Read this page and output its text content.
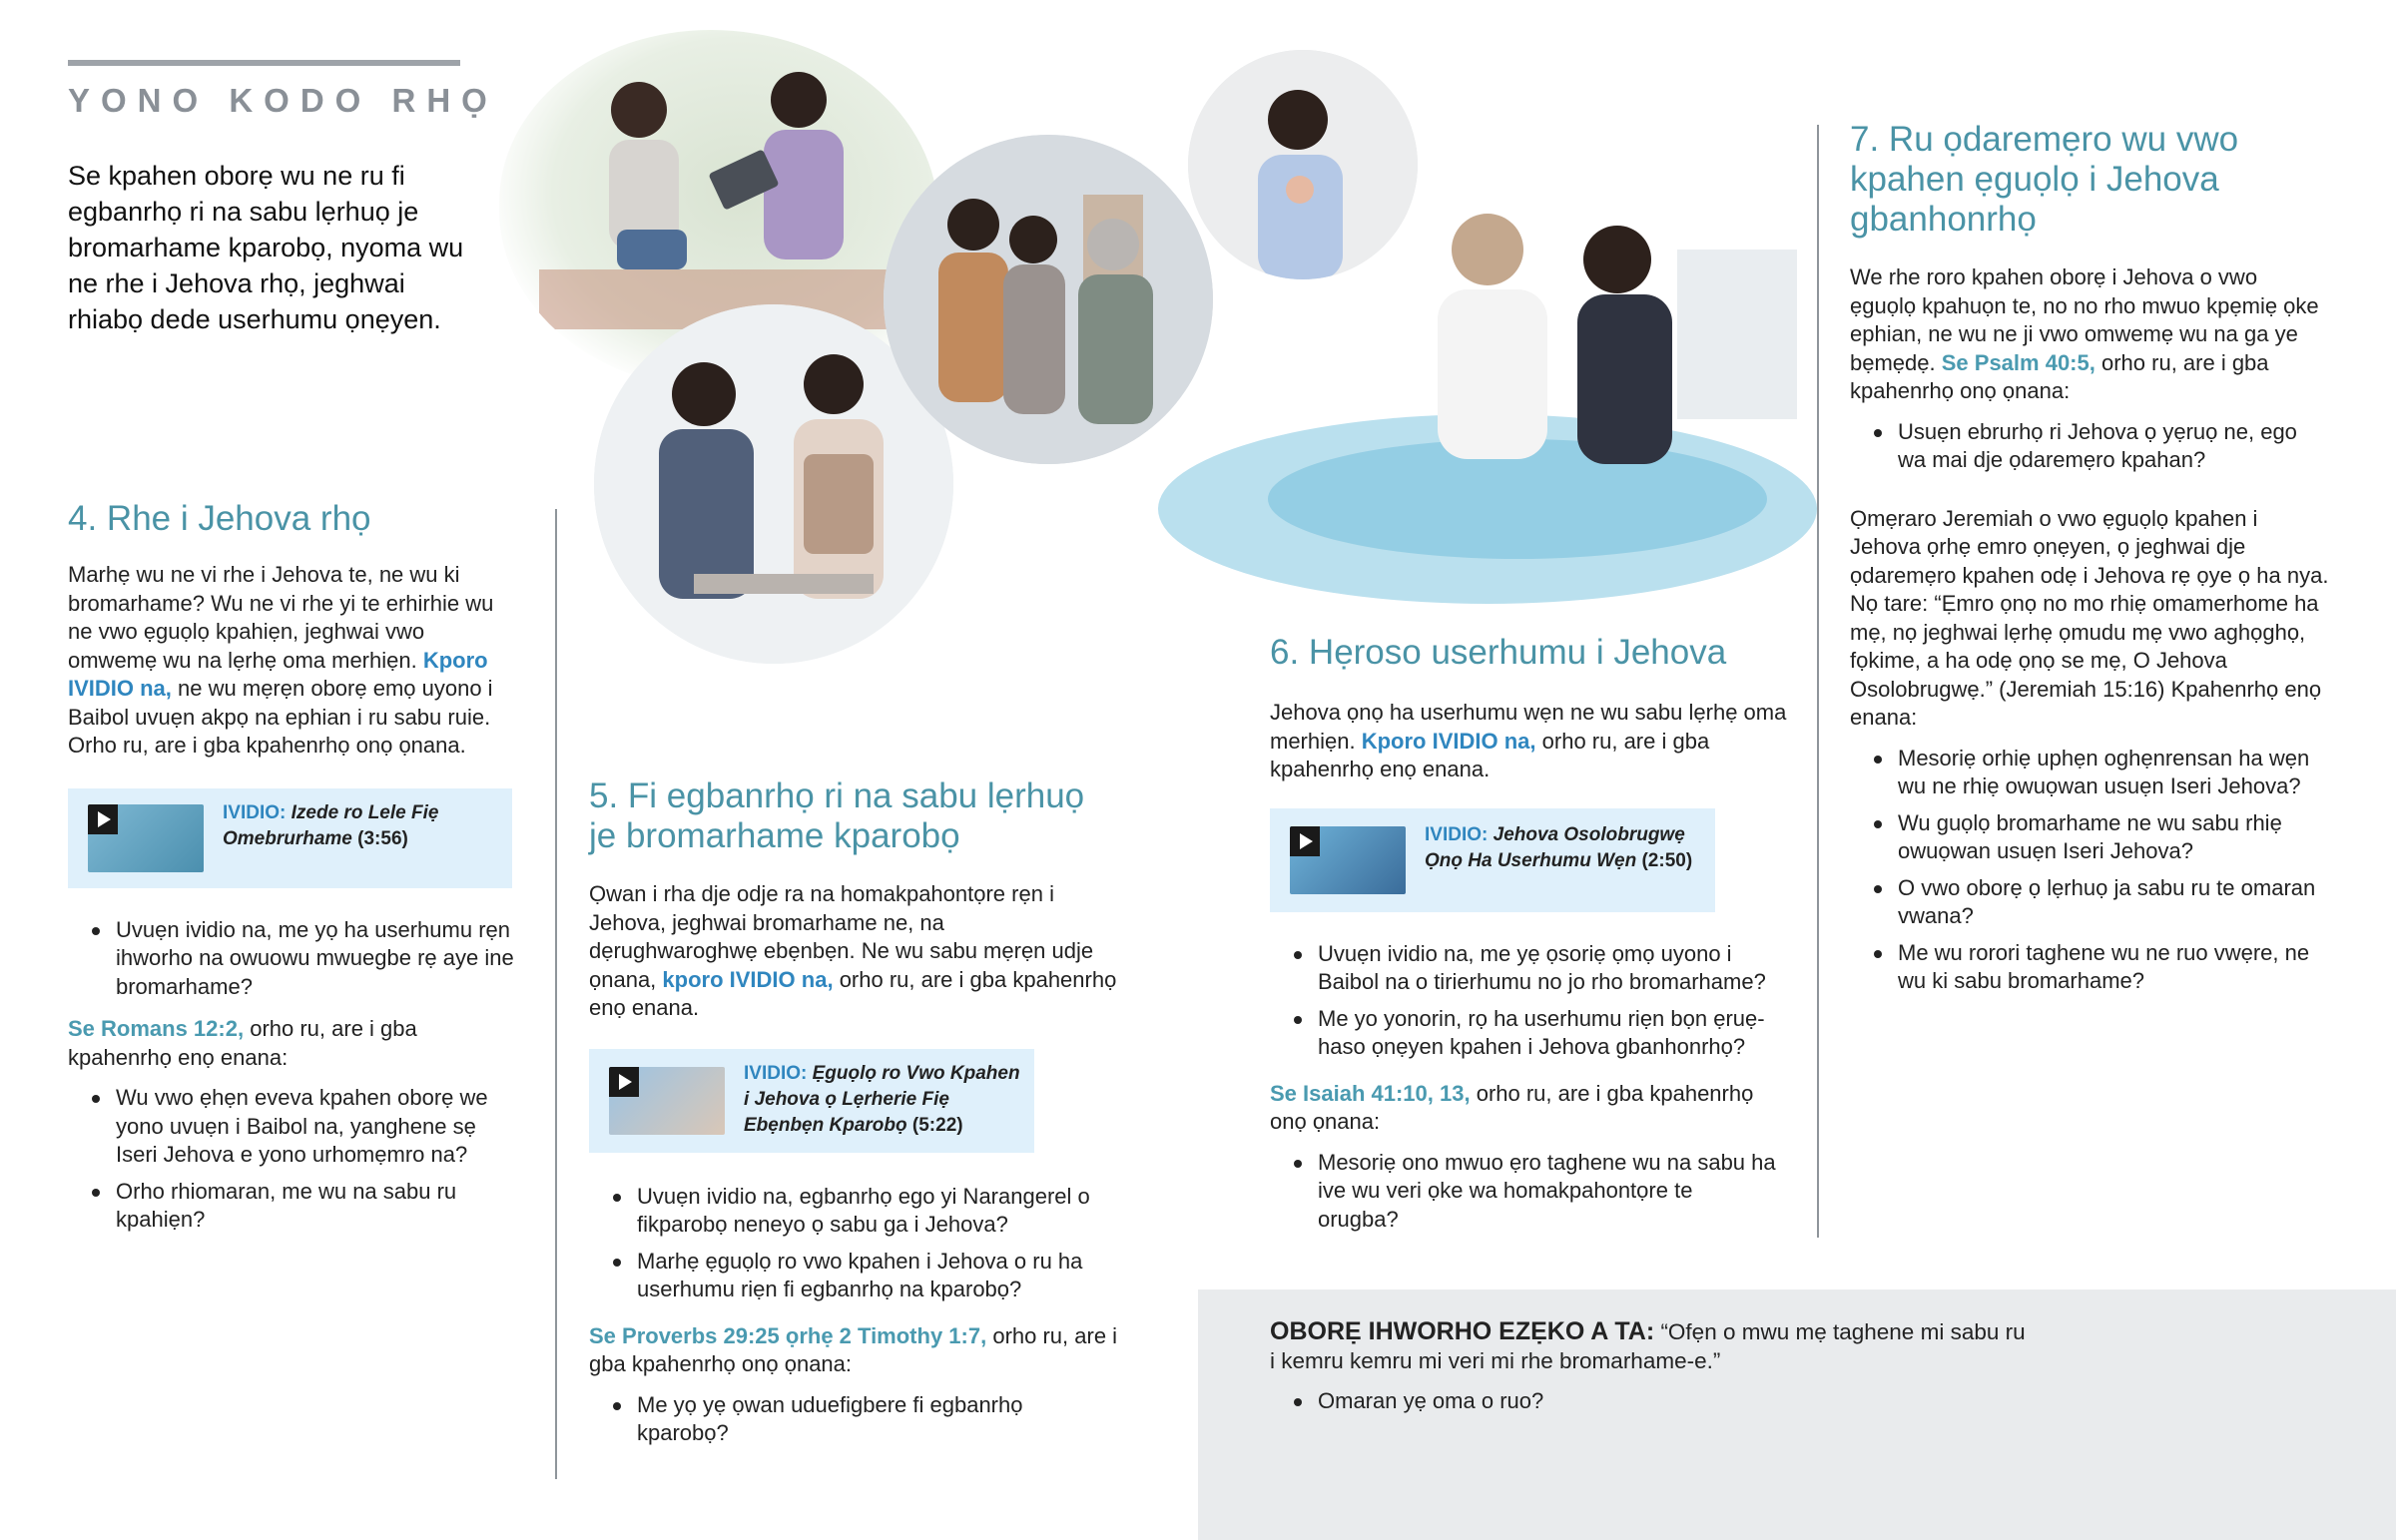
YONO KODO RHỌ
Se kpahen oborẹ wu ne ru fi egbanrhọ ri na sabu lẹrhuọ je bromarhame kparobọ, nyoma wu ne rhe i Jehova rhọ, jeghwai rhiabọ dede userhumu ọnẹyen.
4. Rhe i Jehova rhọ

Marhẹ wu ne vi rhe i Jehova te, ne wu ki bromarhame? Wu ne vi rhe yi te erhirhie wu ne vwo ẹguọlọ kpahiẹn, jeghwai vwo omwemẹ wu na lẹrhẹ oma merhiẹn. Kporo IVIDIO na, ne wu mẹrẹn oborẹ emọ uyono i Baibol uvuẹn akpọ na ephian i ru sabu ruie. Orho ru, are i gba kpahenrhọ onọ ọnana.

IVIDIO: Izede ro Lele Fiẹ Omebrurhame (3:56)
Uvuẹn ividio na, me yọ ha userhumu rẹn ihworho na owuowu mwuegbe rẹ aye ine bromarhame?

Se Romans 12:2, orho ru, are i gba kpahenrhọ enọ enana:

Wu vwo ẹhẹn eveva kpahen oborẹ we yono uvuẹn i Baibol na, yanghene sẹ Iseri Jehova e yono urhomẹmro na?
Orho rhiomaran, me wu na sabu ru kpahiẹn?
5. Fi egbanrhọ ri na sabu lẹrhuọ je bromarhame kparobọ

Ọwan i rha dje odje ra na homakpahontọre rẹn i Jehova, jeghwai bromarhame ne, na dẹrughwaroghwẹ ebẹnbẹn. Ne wu sabu mẹrẹn udje ọnana, kporo IVIDIO na, orho ru, are i gba kpahenrhọ enọ enana.

IVIDIO: Ẹguọlọ ro Vwo Kpahen i Jehova ọ Lẹrherie Fiẹ Ebẹnbẹn Kparobọ (5:22)
Uvuẹn ividio na, egbanrhọ ego yi Narangerel o fikparobọ neneyo ọ sabu ga i Jehova?
Marhẹ ẹguọlọ ro vwo kpahen i Jehova o ru ha userhumu riẹn fi egbanrhọ na kparobọ?

Se Proverbs 29:25 ọrhẹ 2 Timothy 1:7, orho ru, are i gba kpahenrhọ onọ ọnana:

Me yọ yẹ ọwan uduefigbere fi egbanrhọ kparobọ?
6. Hẹroso userhumu i Jehova

Jehova ọnọ ha userhumu wẹn ne wu sabu lẹrhẹ oma merhiẹn. Kporo IVIDIO na, orho ru, are i gba kpahenrhọ enọ enana.

IVIDIO: Jehova Osolobrugwẹ Ọnọ Ha Userhumu Wẹn (2:50)
Uvuẹn ividio na, me yẹ ọsoriẹ ọmọ uyono i Baibol na o tirierhumu no jo rho bromarhame?
Me yo yonorin, rọ ha userhumu riẹn bọn ẹruẹ-haso ọnẹyen kpahen i Jehova gbanhonrhọ?

Se Isaiah 41:10, 13, orho ru, are i gba kpahenrhọ onọ ọnana:

Mesoriẹ ono mwuo ẹro taghene wu na sabu ha ive wu veri ọke wa homakpahontọre te orugba?
7. Ru ọdaremẹro wu vwo kpahen ẹguọlọ i Jehova gbanhonrhọ

We rhe roro kpahen oborẹ i Jehova o vwo ẹguọlọ kpahuọn te, no no rho mwuo kpẹmiẹ ọke ephian, ne wu ne ji vwo omwemẹ wu na ga ye bẹmẹdẹ. Se Psalm 40:5, orho ru, are i gba kpahenrhọ onọ ọnana:

Usuẹn ebrurhọ ri Jehova ọ yẹruọ ne, ego wa mai dje ọdaremẹro kpahan?

Ọmẹraro Jeremiah o vwo ẹguọlọ kpahen i Jehova ọrhẹ emro ọnẹyen, ọ jeghwai dje ọdaremẹro kpahen odẹ i Jehova rẹ ọye ọ ha nya. Nọ tare: “Ẹmro ọnọ no mo rhiẹ omamerhome ha mẹ, nọ jeghwai lẹrhẹ ọmudu mẹ vwo aghọghọ, fọkime, a ha odẹ ọnọ se mẹ, O Jehova Osolobrugwẹ.” (Jeremiah 15:16) Kpahenrhọ enọ enana:

Mesoriẹ orhiẹ uphẹn oghẹnrensan ha wẹn wu ne rhiẹ owuọwan usuẹn Iseri Jehova?
Wu guọlọ bromarhame ne wu sabu rhiẹ owuọwan usuẹn Iseri Jehova?
O vwo oborẹ ọ lẹrhuọ ja sabu ru te omaran vwana?
Me wu rorori taghene wu ne ruo vwẹre, ne wu ki sabu bromarhame?

OBORẸ IHWORHO EZẸKO A TA: “Ofẹn o mwu mẹ taghene mi sabu ru i kemru kemru mi veri mi rhe bromarhame-e.”

Omaran yẹ oma o ruo?
